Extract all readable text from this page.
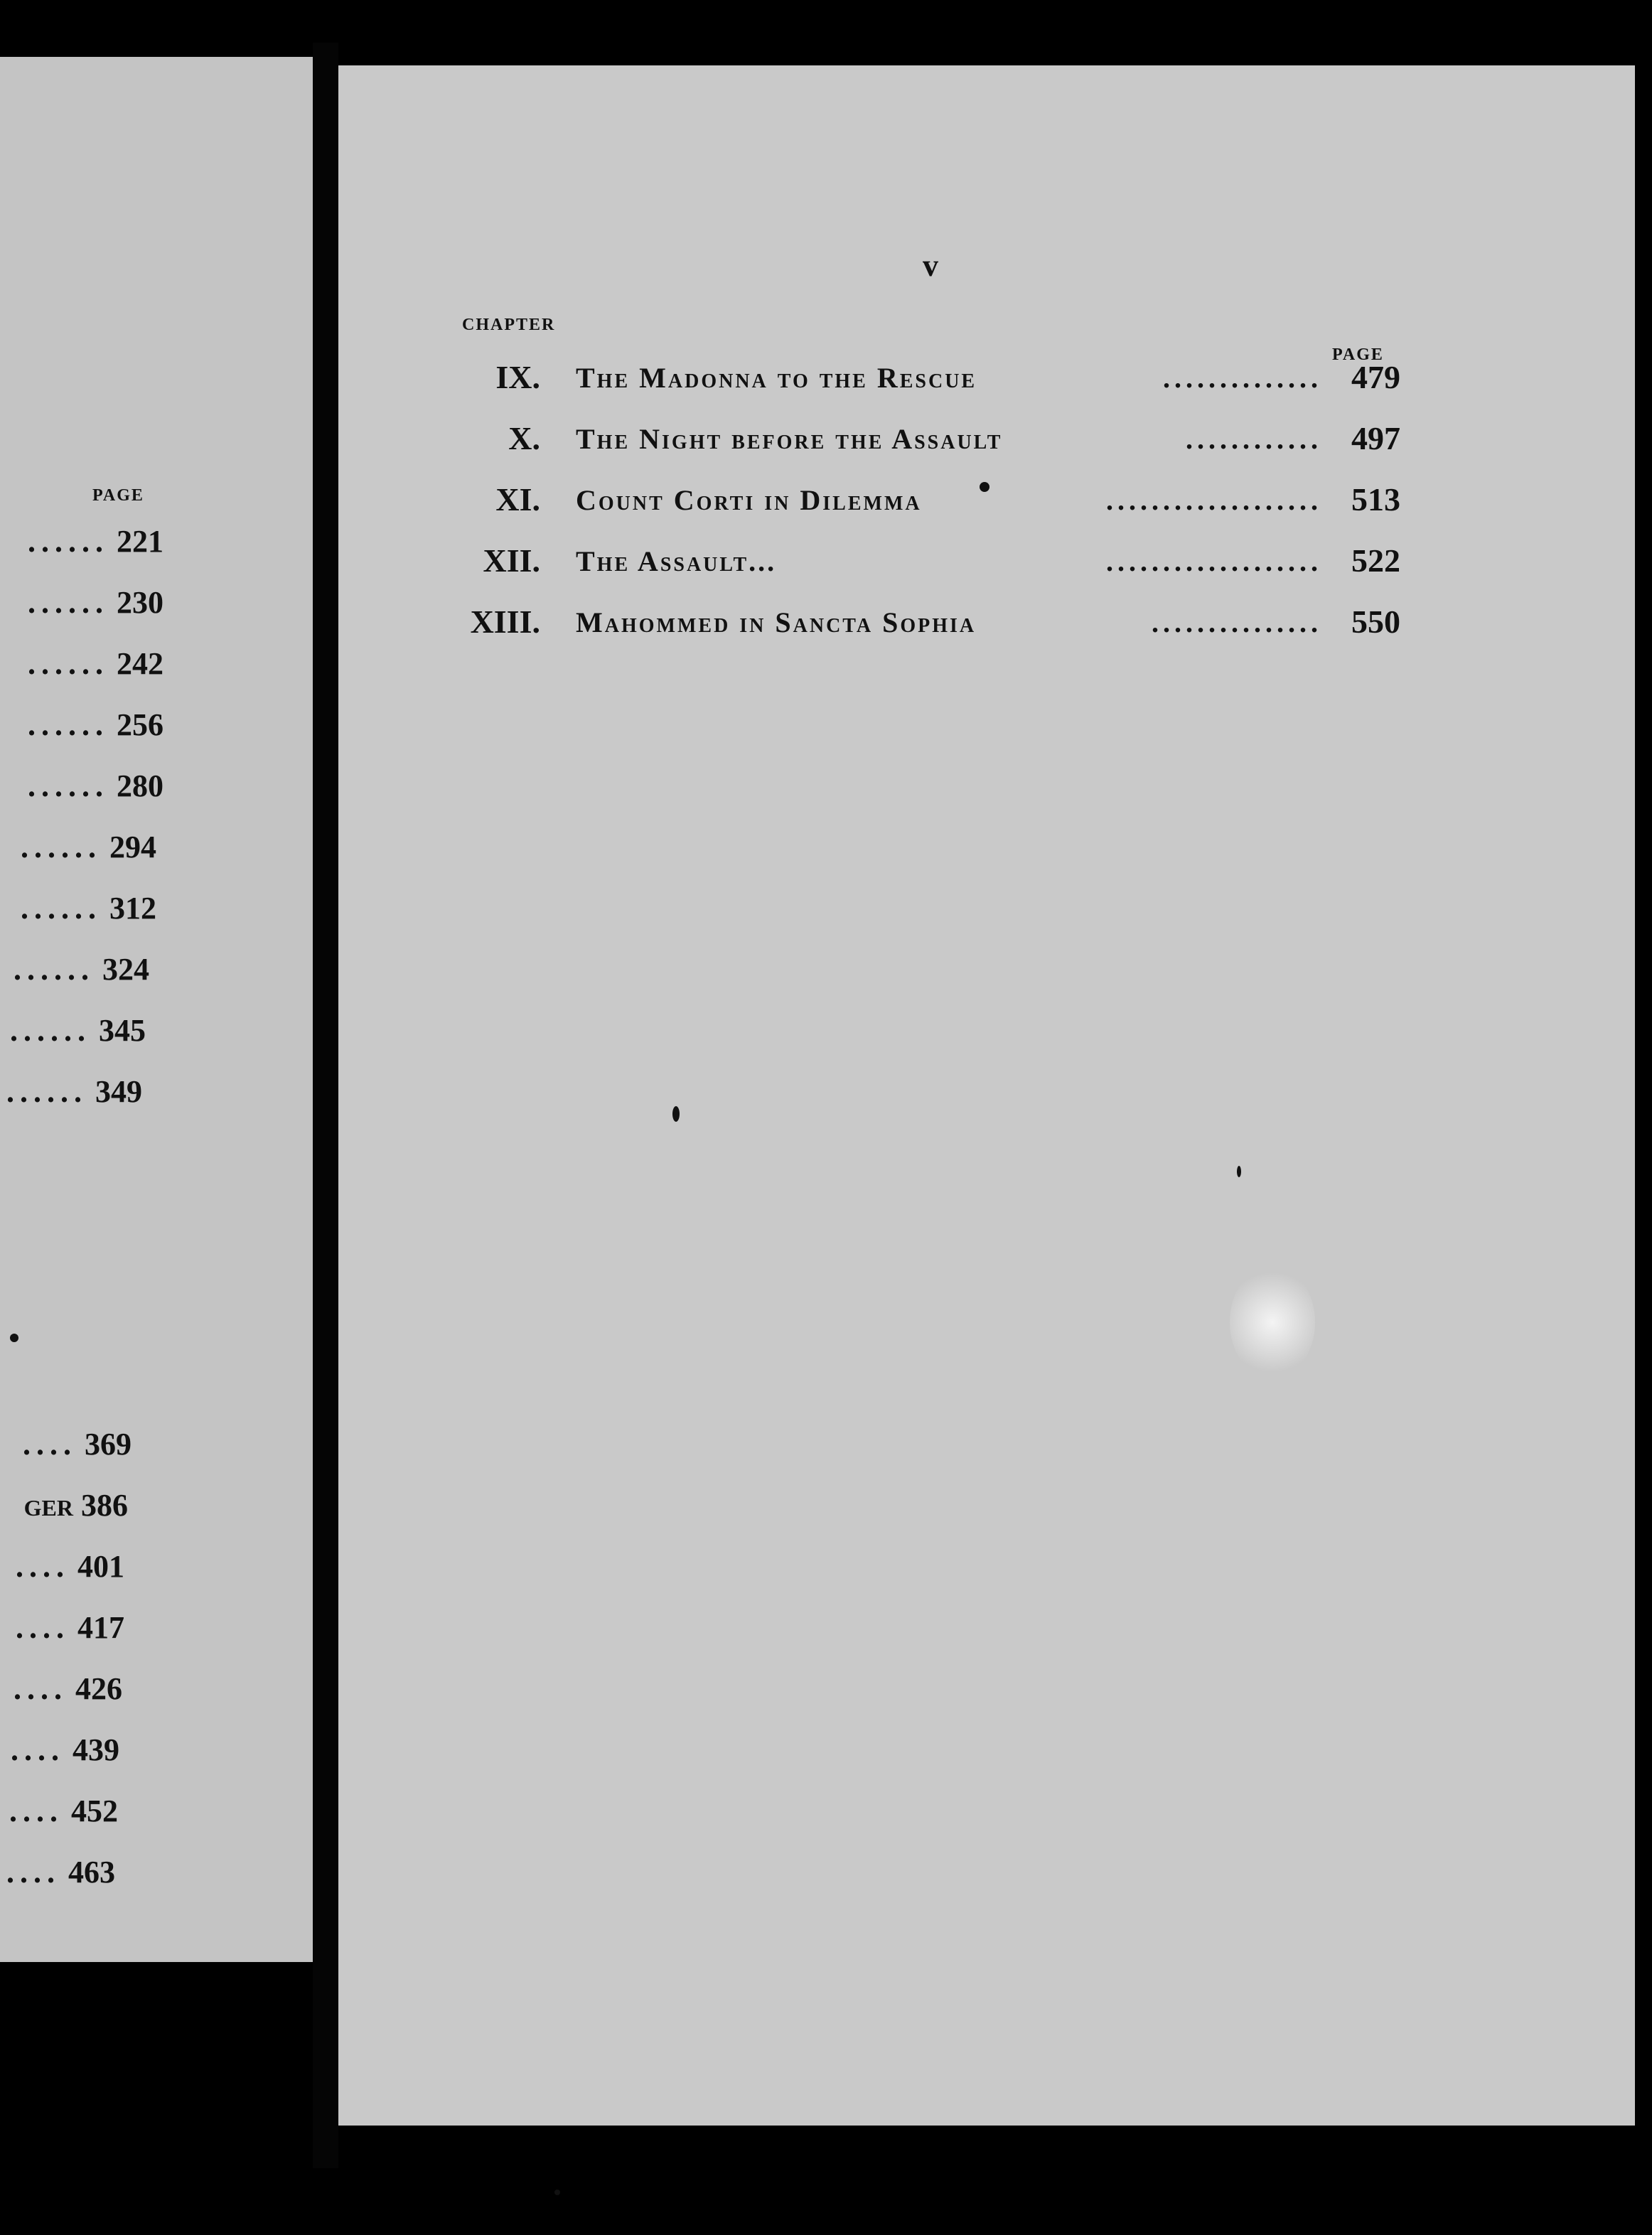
PAGE
...... 221
...... 230
...... 242
...... 256
...... 280
...... 294
...... 312
...... 324
...... 345
...... 349
.... 369
GER 386
.... 401
.... 417
.... 426
.... 439
.... 452
.... 463
v
CHAPTER
PAGE
IX. The Madonna to the Rescue	.............. 479
X. The Night before the Assault	............ 497
XI. Count Corti in Dilemma	................... 513
XII. The Assault...	................... 522
XIII. Mahommed in Sancta Sophia	............... 550
